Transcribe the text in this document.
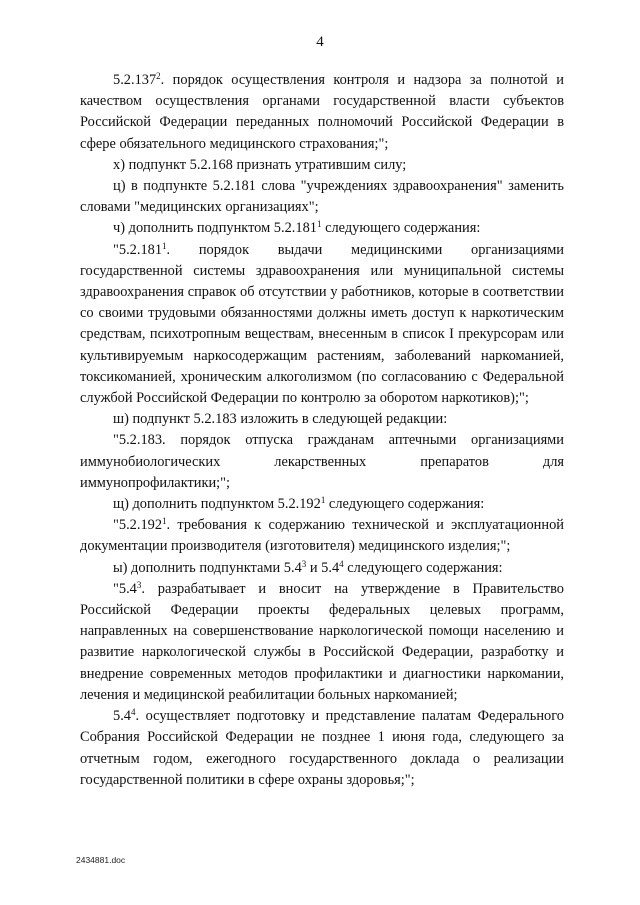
4

5.2.137$^2$. порядок осуществления контроля и надзора за полнотой и качеством осуществления органами государственной власти субъектов Российской Федерации переданных полномочий Российской Федерации в сфере обязательного медицинского страхования;";

х) подпункт 5.2.168 признать утратившим силу;

ц) в подпункте 5.2.181 слова "учреждениях здравоохранения" заменить словами "медицинских организациях";

ч) дополнить подпунктом 5.2.181$^1$ следующего содержания:

"5.2.181$^1$. порядок выдачи медицинскими организациями государственной системы здравоохранения или муниципальной системы здравоохранения справок об отсутствии у работников, которые в соответствии со своими трудовыми обязанностями должны иметь доступ к наркотическим средствам, психотропным веществам, внесенным в список I прекурсорам или культивируемым наркосодержащим растениям, заболеваний наркоманией, токсикоманией, хроническим алкоголизмом (по согласованию с Федеральной службой Российской Федерации по контролю за оборотом наркотиков);";

ш) подпункт 5.2.183 изложить в следующей редакции:

"5.2.183. порядок отпуска гражданам аптечными организациями иммунобиологических лекарственных препаратов для иммунопрофилактики;";

щ) дополнить подпунктом 5.2.192$^1$ следующего содержания:

"5.2.192$^1$. требования к содержанию технической и эксплуатационной документации производителя (изготовителя) медицинского изделия;";

ы) дополнить подпунктами $5.4^3$ и $5.4^4$ следующего содержания:

"$5.4^3$. разрабатывает и вносит на утверждение в Правительство Российской Федерации проекты федеральных целевых программ, направленных на совершенствование наркологической помощи населению и развитие наркологической службы в Российской Федерации, разработку и внедрение современных методов профилактики и диагностики наркомании, лечения и медицинской реабилитации больных наркоманией;

$5.4^4$. осуществляет подготовку и представление палатам Федерального Собрания Российской Федерации не позднее 1 июня года, следующего за отчетным годом, ежегодного государственного доклада о реализации государственной политики в сфере охраны здоровья;";

2434881.doc
